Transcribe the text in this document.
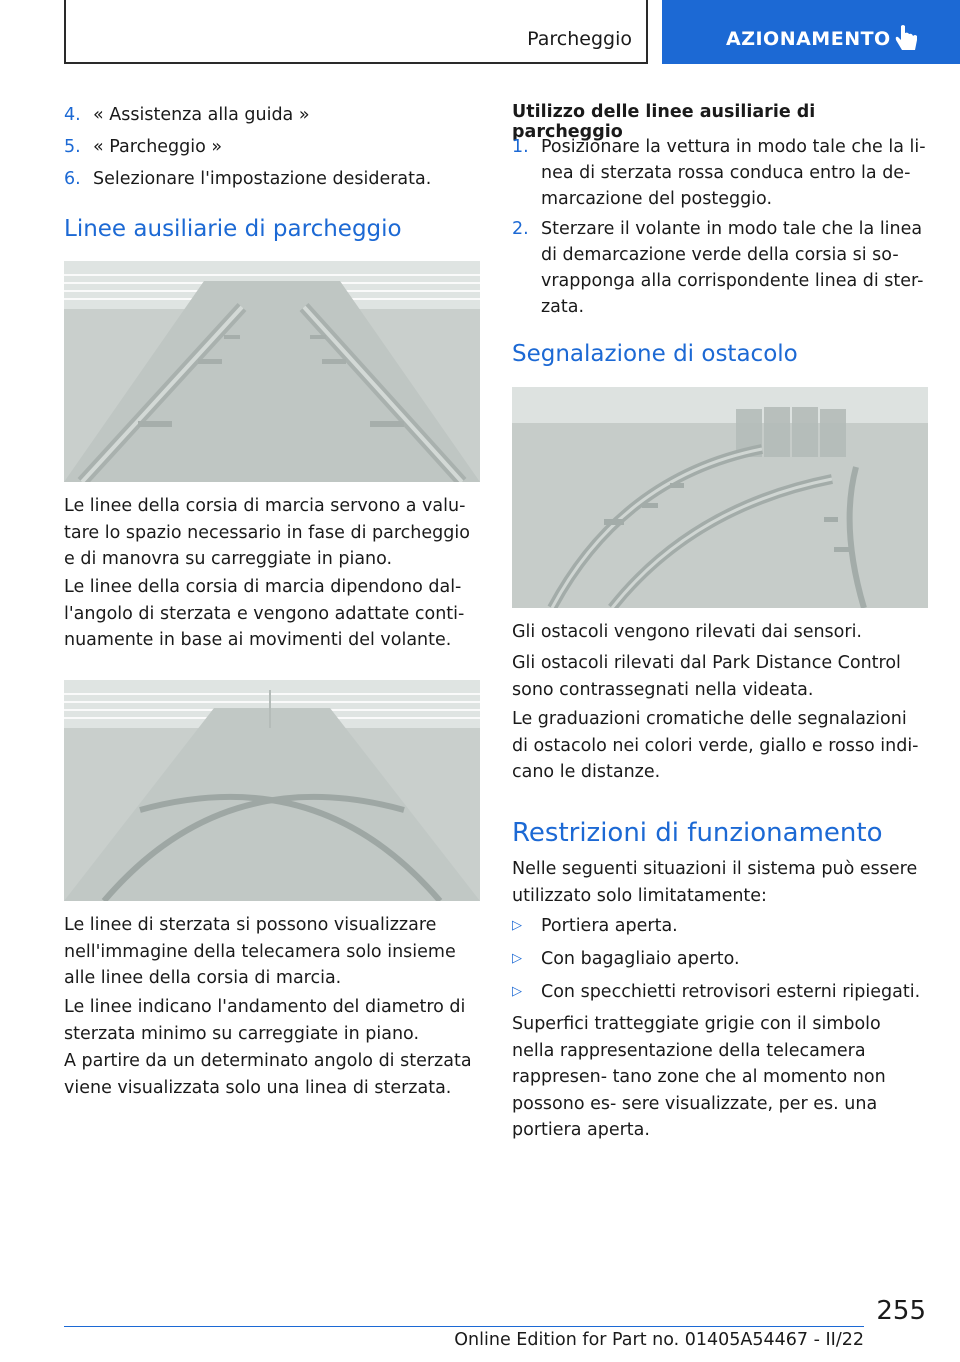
Parcheggio	AZIONAMENTO
4. « Assistenza alla guida »
5. « Parcheggio »
6. Selezionare l'impostazione desiderata.
Linee ausiliarie di parcheggio
Le linee della corsia di marcia servono a valu- tare lo spazio necessario in fase di parcheggio e di manovra su carreggiate in piano.
Le linee della corsia di marcia dipendono dal- l'angolo di sterzata e vengono adattate conti- nuamente in base ai movimenti del volante.
Le linee di sterzata si possono visualizzare nell'immagine della telecamera solo insieme alle linee della corsia di marcia.
Le linee indicano l'andamento del diametro di sterzata minimo su carreggiate in piano.
A partire da un determinato angolo di sterzata viene visualizzata solo una linea di sterzata.
Utilizzo delle linee ausiliarie di parcheggio
1. Posizionare la vettura in modo tale che la li- nea di sterzata rossa conduca entro la de- marcazione del posteggio.
2. Sterzare il volante in modo tale che la linea di demarcazione verde della corsia si so- vrapponga alla corrispondente linea di ster- zata.
Segnalazione di ostacolo
Gli ostacoli vengono rilevati dai sensori.
Gli ostacoli rilevati dal Park Distance Control sono contrassegnati nella videata.
Le graduazioni cromatiche delle segnalazioni di ostacolo nei colori verde, giallo e rosso indi- cano le distanze.
Restrizioni di funzionamento
Nelle seguenti situazioni il sistema può essere utilizzato solo limitatamente:
▷ Portiera aperta.
▷ Con bagagliaio aperto.
▷ Con specchietti retrovisori esterni ripiegati.
Superfici tratteggiate grigie con il simbolo nella rappresentazione della telecamera rappresen- tano zone che al momento non possono es- sere visualizzate, per es. una portiera aperta.
255
Online Edition for Part no. 01405A54467 - II/22
